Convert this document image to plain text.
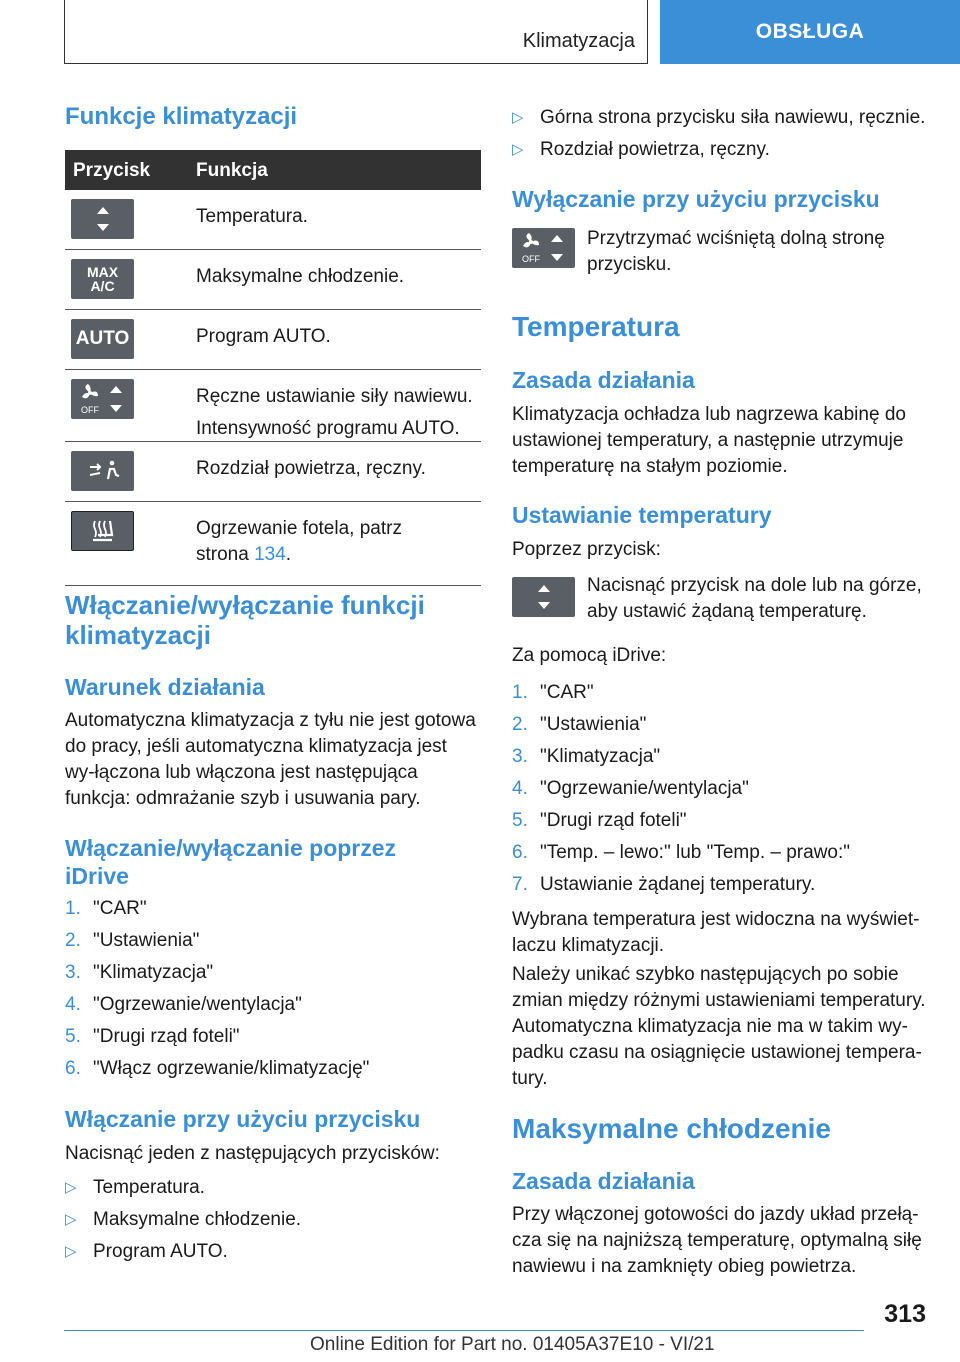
Klimatyzacja	OBSŁUGA
Funkcje klimatyzacji
Przycisk Funkcja
Temperatura.
MAX
A/C	Maksymalne chłodzenie.
AUTO	Program AUTO.
OFF
Ręczne ustawianie siły nawiewu.
Intensywność programu AUTO.
Rozdział powietrza, ręczny.
Ogrzewanie fotela, patrz
strona 134.
Włączanie/wyłączanie funkcji klimatyzacji
Warunek działania

Automatyczna klimatyzacja z tyłu nie jest gotowa do pracy, jeśli automatyczna klimatyzacja jest wy-łączona lub włączona jest następująca funkcja: odmrażanie szyb i usuwania pary.

Włączanie/wyłączanie poprzez iDrive
1. "CAR"
2. "Ustawienia"
3. "Klimatyzacja"
4. "Ogrzewanie/wentylacja"
5. "Drugi rząd foteli"
6. "Włącz ogrzewanie/klimatyzację"
Włączanie przy użyciu przycisku

Nacisnąć jeden z następujących przycisków:

▷ Temperatura.
▷ Maksymalne chłodzenie.
▷ Program AUTO.
▷ Górna strona przycisku siła nawiewu, ręcznie.
▷ Rozdział powietrza, ręczny.
Wyłączanie przy użyciu przycisku
OFF

Przytrzymać wciśniętą dolną stronę przycisku.

Temperatura
Zasada działania

Klimatyzacja ochładza lub nagrzewa kabinę do ustawionej temperatury, a następnie utrzymuje temperaturę na stałym poziomie.

Ustawianie temperatury

Poprzez przycisk:

Nacisnąć przycisk na dole lub na górze, aby ustawić żądaną temperaturę.

Za pomocą iDrive:

1. "CAR"
2. "Ustawienia"
3. "Klimatyzacja"
4. "Ogrzewanie/wentylacja"
5. "Drugi rząd foteli"
6. "Temp. – lewo:" lub "Temp. – prawo:"
7. Ustawianie żądanej temperatury.

Wybrana temperatura jest widoczna na wyświet-laczu klimatyzacji.

Należy unikać szybko następujących po sobie zmian między różnymi ustawieniami temperatury. Automatyczna klimatyzacja nie ma w takim wy-padku czasu na osiągnięcie ustawionej tempera-tury.

Maksymalne chłodzenie
Zasada działania

Przy włączonej gotowości do jazdy układ przełą-cza się na najniższą temperaturę, optymalną siłę nawiewu i na zamknięty obieg powietrza.

313
Online Edition for Part no. 01405A37E10 - VI/21
